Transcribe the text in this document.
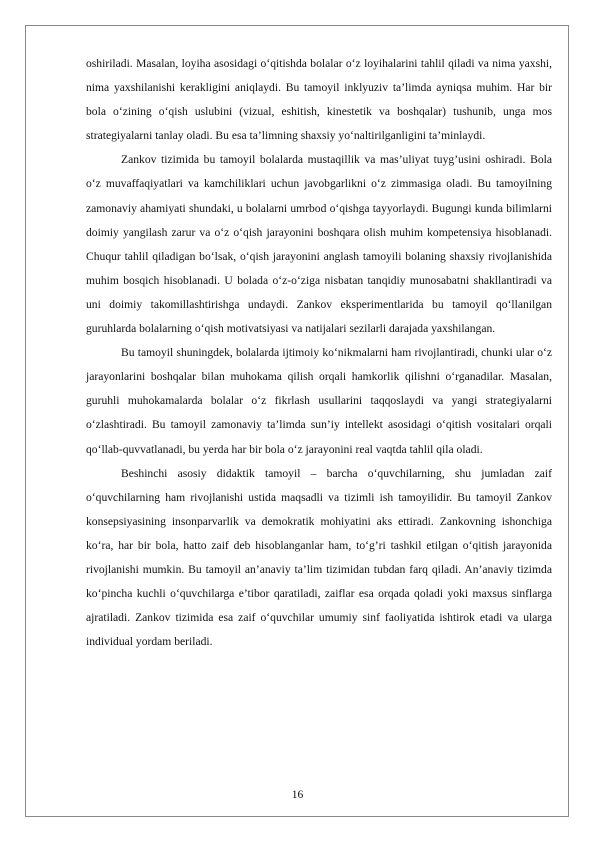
oshiriladi. Masalan, loyiha asosidagi o‘qitishda bolalar o‘z loyihalarini tahlil qiladi va nima yaxshi, nima yaxshilanishi kerakligini aniqlaydi. Bu tamoyil inklyuziv ta’limda ayniqsa muhim. Har bir bola o‘zining o‘qish uslubini (vizual, eshitish, kinestetik va boshqalar) tushunib, unga mos strategiyalarni tanlay oladi. Bu esa ta’limning shaxsiy yo‘naltirilganligini ta’minlaydi.

Zankov tizimida bu tamoyil bolalarda mustaqillik va mas’uliyat tuyg’usini oshiradi. Bola o‘z muvaffaqiyatlari va kamchiliklari uchun javobgarlikni o‘z zimmasiga oladi. Bu tamoyilning zamonaviy ahamiyati shundaki, u bolalarni umrbod o‘qishga tayyorlaydi. Bugungi kunda bilimlarni doimiy yangilash zarur va o‘z o‘qish jarayonini boshqara olish muhim kompetensiya hisoblanadi. Chuqur tahlil qiladigan bo‘lsak, o‘qish jarayonini anglash tamoyili bolaning shaxsiy rivojlanishida muhim bosqich hisoblanadi. U bolada o‘z-o‘ziga nisbatan tanqidiy munosabatni shakllantiradi va uni doimiy takomillashtirishga undaydi. Zankov eksperimentlarida bu tamoyil qo‘llanilgan guruhlarda bolalarning o‘qish motivatsiyasi va natijalari sezilarli darajada yaxshilangan.

Bu tamoyil shuningdek, bolalarda ijtimoiy ko‘nikmalarni ham rivojlantiradi, chunki ular o‘z jarayonlarini boshqalar bilan muhokama qilish orqali hamkorlik qilishni o‘rganadilar. Masalan, guruhli muhokamalarda bolalar o‘z fikrlash usullarini taqqoslaydi va yangi strategiyalarni o‘zlashtiradi. Bu tamoyil zamonaviy ta’limda sun’iy intellekt asosidagi o‘qitish vositalari orqali qo‘llab-quvvatlanadi, bu yerda har bir bola o‘z jarayonini real vaqtda tahlil qila oladi.

Beshinchi asosiy didaktik tamoyil – barcha o‘quvchilarning, shu jumladan zaif o‘quvchilarning ham rivojlanishi ustida maqsadli va tizimli ish tamoyilidir. Bu tamoyil Zankov konsepsiyasining insonparvarlik va demokratik mohiyatini aks ettiradi. Zankovning ishonchiga ko‘ra, har bir bola, hatto zaif deb hisoblanganlar ham, to‘g’ri tashkil etilgan o‘qitish jarayonida rivojlanishi mumkin. Bu tamoyil an’anaviy ta’lim tizimidan tubdan farq qiladi. An’anaviy tizimda ko‘pincha kuchli o‘quvchilarga e’tibor qaratiladi, zaiflar esa orqada qoladi yoki maxsus sinflarga ajratiladi. Zankov tizimida esa zaif o‘quvchilar umumiy sinf faoliyatida ishtirok etadi va ularga individual yordam beriladi.

16
